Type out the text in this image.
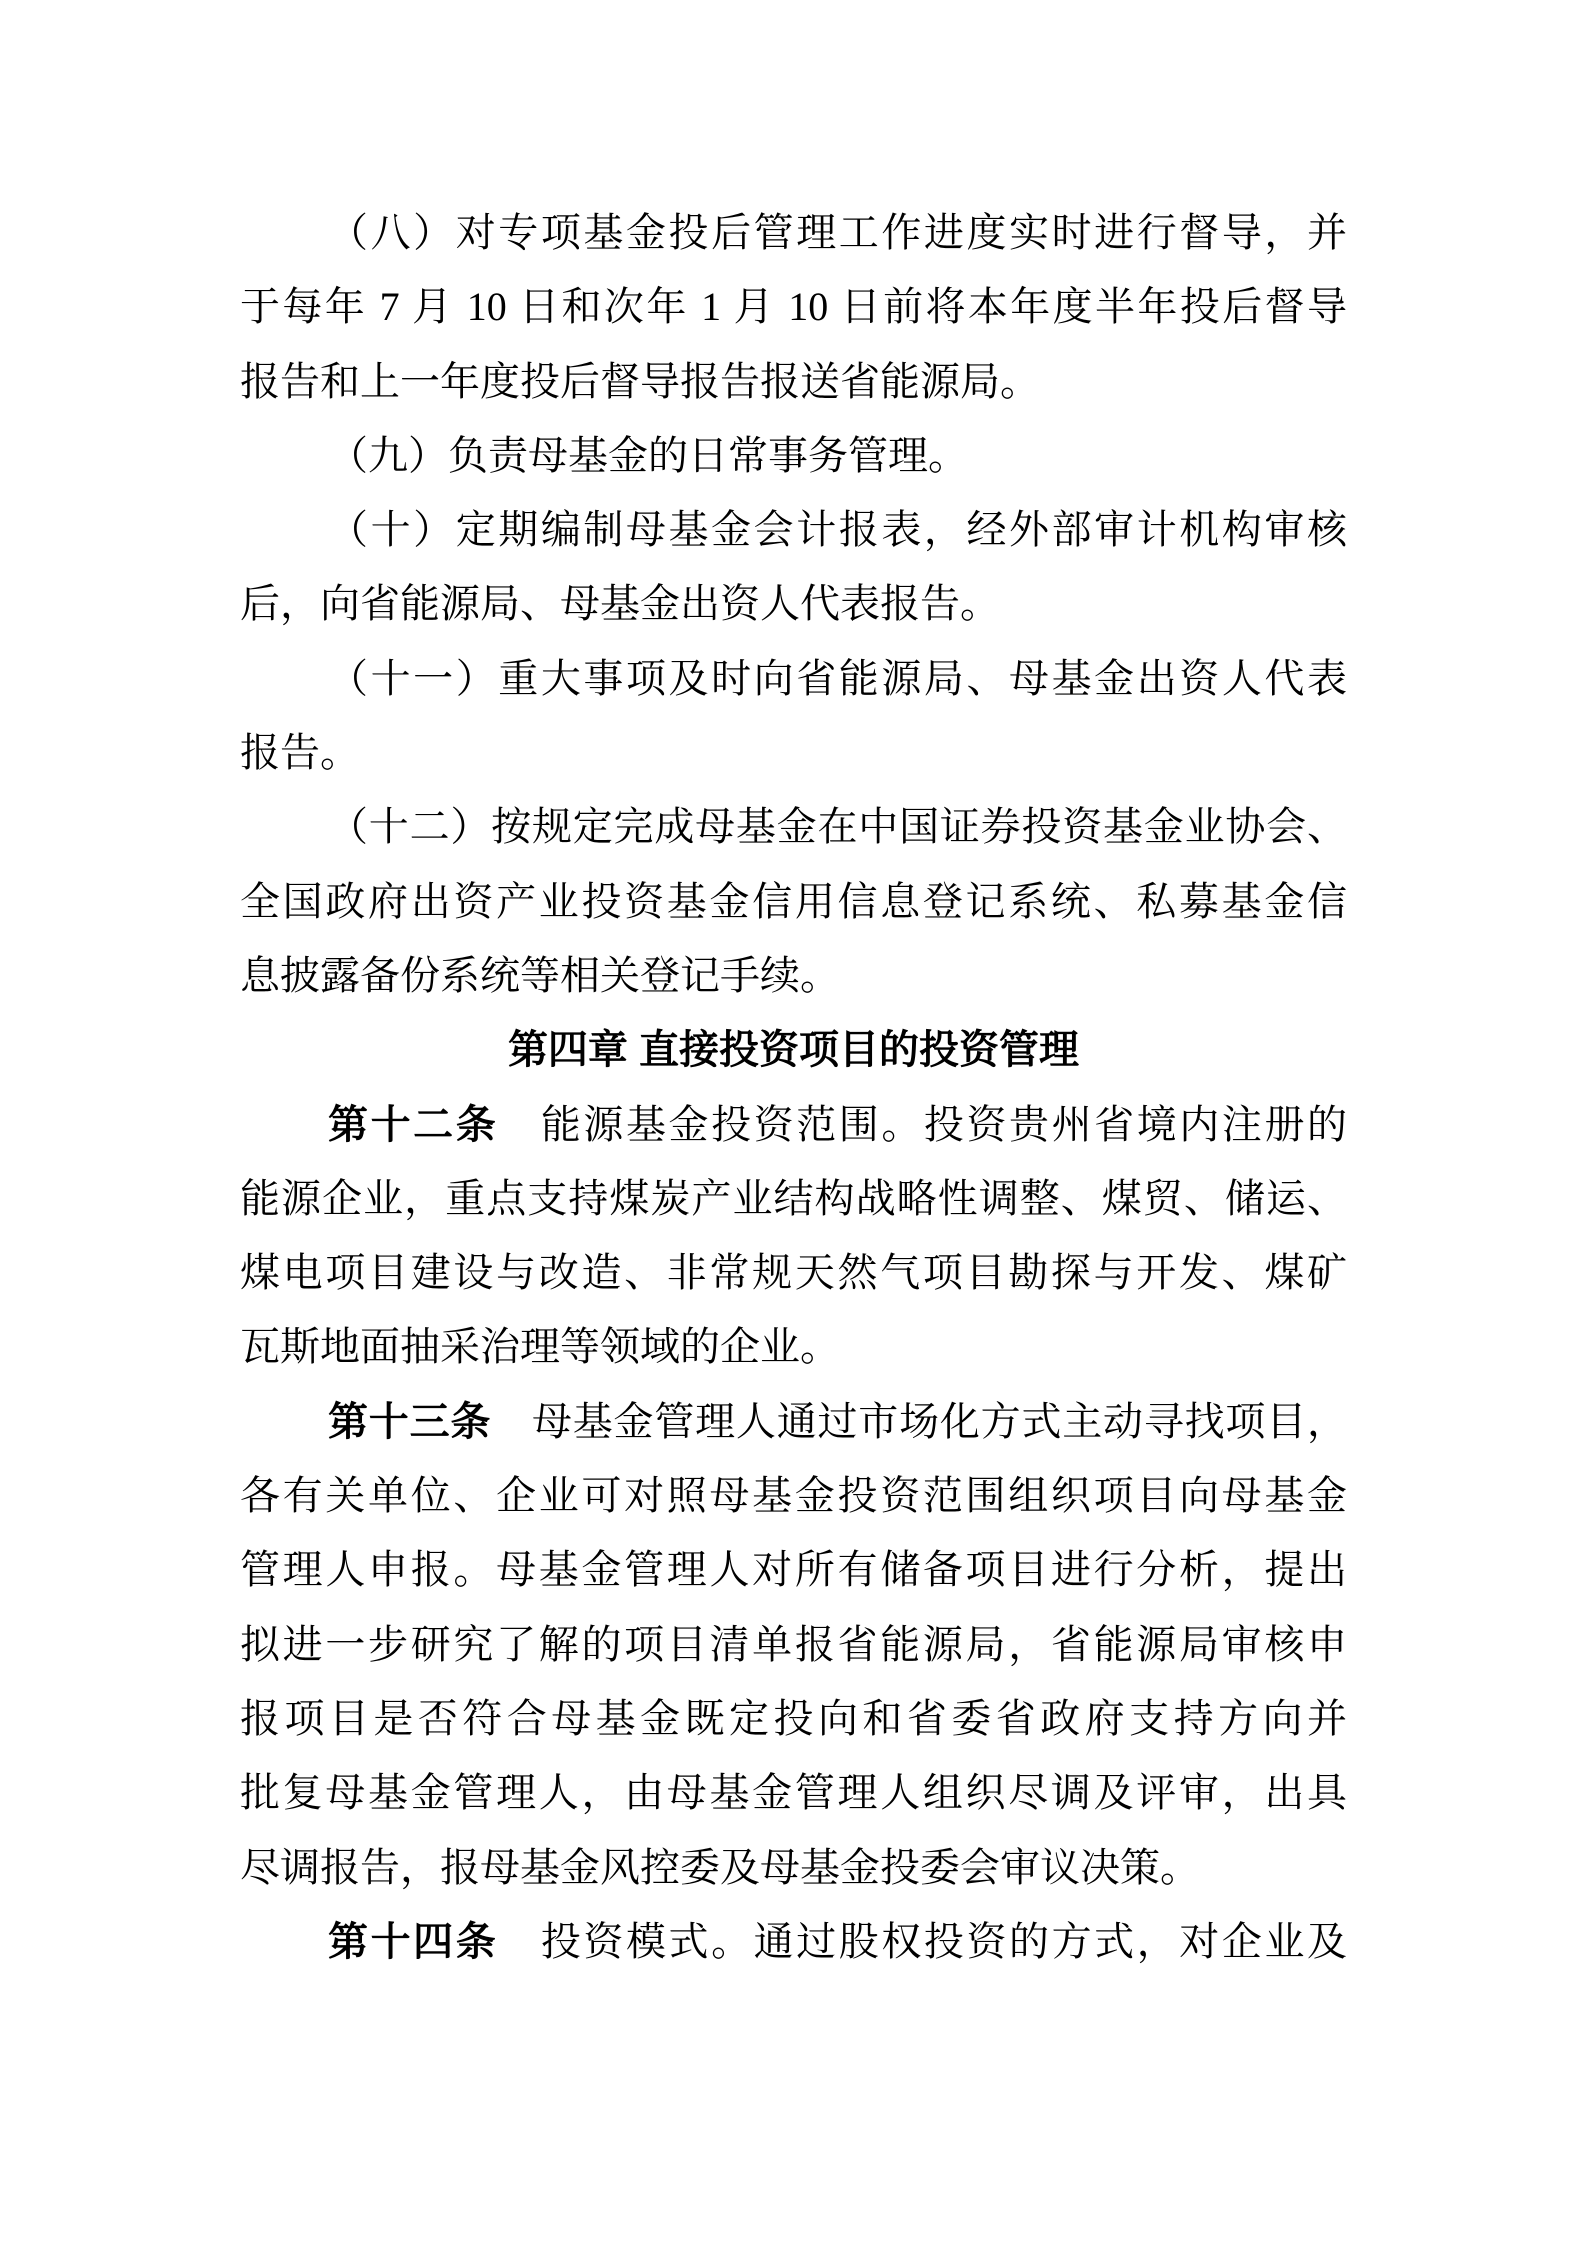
（八）对专项基金投后管理工作进度实时进行督导，并
于每年 7 月 10 日和次年 1 月 10 日前将本年度半年投后督导
报告和上一年度投后督导报告报送省能源局。
（九）负责母基金的日常事务管理。
（十）定期编制母基金会计报表，经外部审计机构审核
后，向省能源局、母基金出资人代表报告。
（十一）重大事项及时向省能源局、母基金出资人代表
报告。
（十二）按规定完成母基金在中国证券投资基金业协会、
全国政府出资产业投资基金信用信息登记系统、私募基金信
息披露备份系统等相关登记手续。
第四章 直接投资项目的投资管理
第十二条　能源基金投资范围。投资贵州省境内注册的
能源企业，重点支持煤炭产业结构战略性调整、煤贸、储运、
煤电项目建设与改造、非常规天然气项目勘探与开发、煤矿
瓦斯地面抽采治理等领域的企业。
第十三条　母基金管理人通过市场化方式主动寻找项目，
各有关单位、企业可对照母基金投资范围组织项目向母基金
管理人申报。母基金管理人对所有储备项目进行分析，提出
拟进一步研究了解的项目清单报省能源局，省能源局审核申
报项目是否符合母基金既定投向和省委省政府支持方向并
批复母基金管理人，由母基金管理人组织尽调及评审，出具
尽调报告，报母基金风控委及母基金投委会审议决策。
第十四条　投资模式。通过股权投资的方式，对企业及
